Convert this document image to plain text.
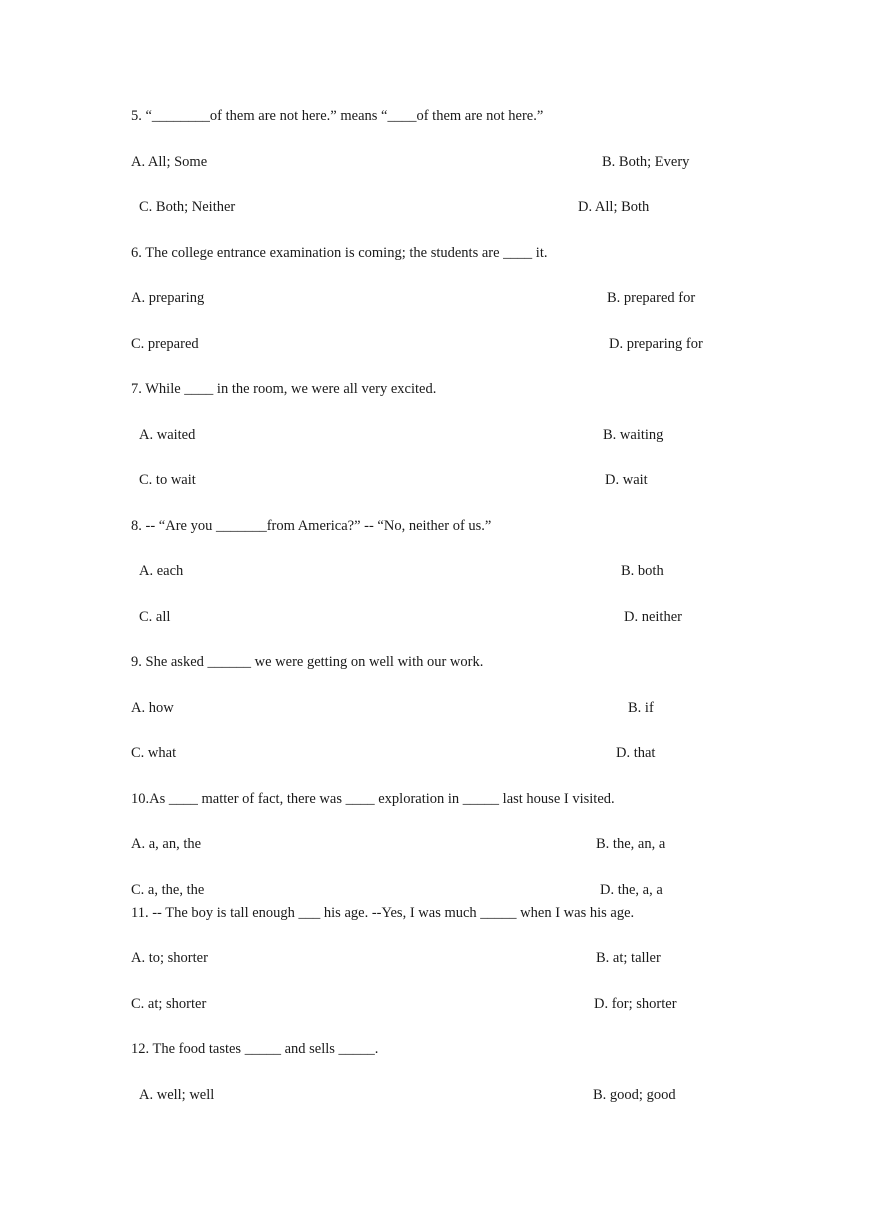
5. “________of them are not here.” means “____of them are not here.”
A. All; Some	B. Both; Every
C. Both; Neither	D. All; Both
6. The college entrance examination is coming; the students are ____ it.
A. preparing	B. prepared for
C. prepared	D. preparing for
7. While ____ in the room, we were all very excited.
A. waited	B. waiting
C. to wait	D. wait
8. -- “Are you _______from America?” -- “No, neither of us.”
A. each	B. both
C. all	D. neither
9. She asked ______ we were getting on well with our work.
A. how	B. if
C. what	D. that
10.As ____ matter of fact, there was ____ exploration in _____ last house I visited.
A. a, an, the	B. the, an, a
C. a, the, the	D. the, a, a
11. -- The boy is tall enough ___ his age. --Yes, I was much _____ when I was his age.
A. to; shorter	B. at; taller
C. at; shorter	D. for; shorter
12. The food tastes _____ and sells _____.
A. well; well	B. good; good
